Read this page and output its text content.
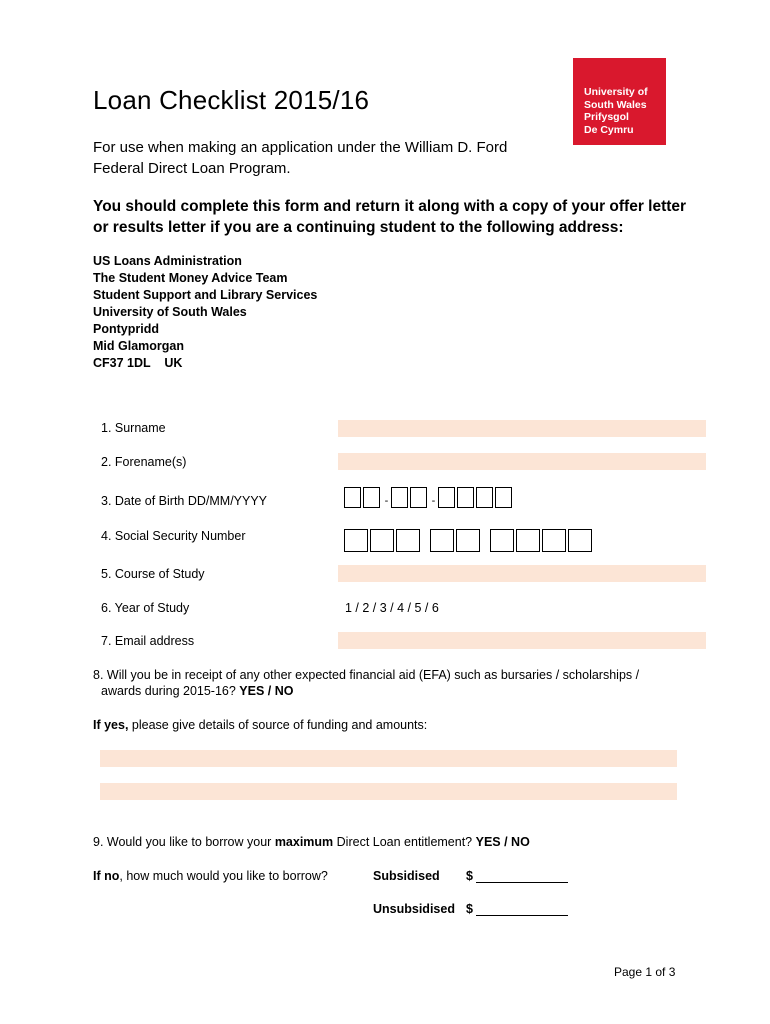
Loan Checklist 2015/16
For use when making an application under the William D. Ford
Federal Direct Loan Program.
You should complete this form and return it along with a copy of your offer letter
or results letter if you are a continuing student to the following address:
University of
South Wales
Prifysgol
De Cymru
US Loans Administration
The Student Money Advice Team
Student Support and Library Services
University of South Wales
Pontypridd
Mid Glamorgan
CF37 1DL    UK
1. Surname
2. Forename(s)
3. Date of Birth DD/MM/YYYY	-	-
4. Social Security Number
5. Course of Study
6. Year of Study	1 / 2 / 3 / 4 / 5 / 6
7. Email address
8. Will you be in receipt of any other expected financial aid (EFA) such as bursaries / scholarships /
awards during 2015-16? YES / NO
If yes, please give details of source of funding and amounts:
9. Would you like to borrow your maximum Direct Loan entitlement? YES / NO
If no, how much would you like to borrow?	Subsidised $
Unsubsidised $
Page 1 of 3
